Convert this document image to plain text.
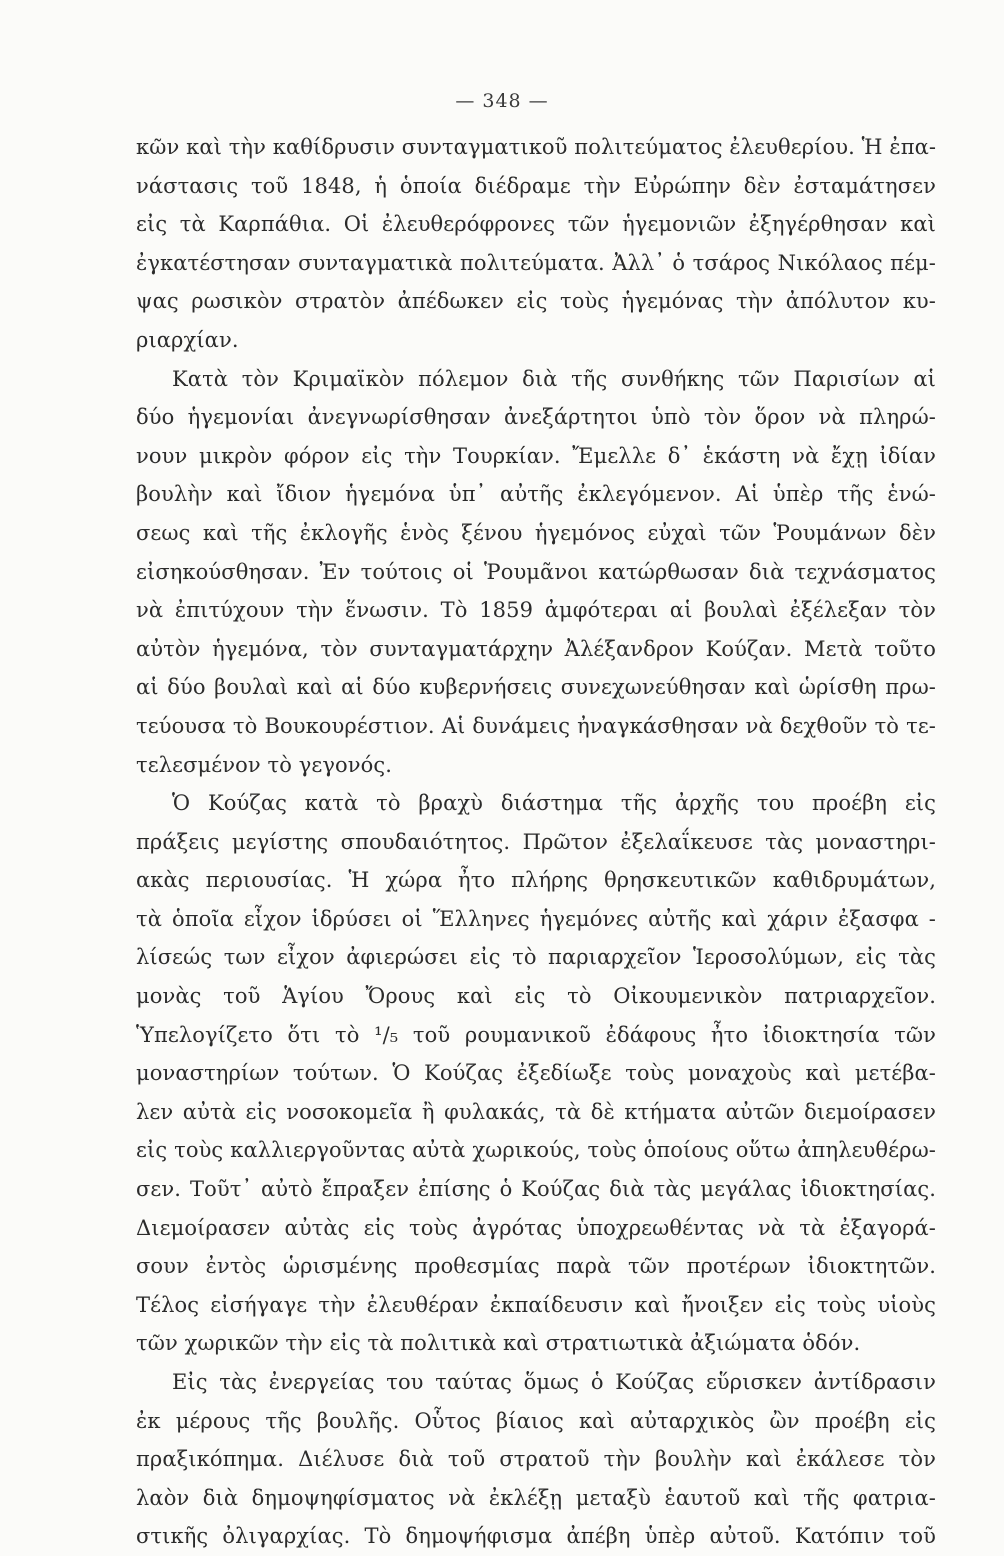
— 348 —
κῶν καὶ τὴν καθίδρυσιν συνταγματικοῦ πολιτεύματος ἐλευθερίου. Ἡ ἐπα-
νάστασις τοῦ 1848, ἡ ὁποία διέδραμε τὴν Εὐρώπην δὲν ἐσταμάτησεν
εἰς τὰ Καρπάθια. Οἱ ἐλευθερόφρονες τῶν ἡγεμονιῶν ἐξηγέρθησαν καὶ
ἐγκατέστησαν συνταγματικὰ πολιτεύματα. Ἀλλ᾽ ὁ τσάρος Νικόλαος πέμ-
ψας ρωσικὸν στρατὸν ἀπέδωκεν εἰς τοὺς ἡγεμόνας τὴν ἀπόλυτον κυ-
ριαρχίαν.
Κατὰ τὸν Κριμαϊκὸν πόλεμον διὰ τῆς συνθήκης τῶν Παρισίων αἱ
δύο ἡγεμονίαι ἀνεγνωρίσθησαν ἀνεξάρτητοι ὑπὸ τὸν ὅρον νὰ πληρώ-
νουν μικρὸν φόρον εἰς τὴν Τουρκίαν. Ἔμελλε δ᾽ ἑκάστη νὰ ἔχῃ ἰδίαν
βουλὴν καὶ ἴδιον ἡγεμόνα ὑπ᾽ αὐτῆς ἐκλεγόμενον. Αἱ ὑπὲρ τῆς ἑνώ-
σεως καὶ τῆς ἐκλογῆς ἑνὸς ξένου ἡγεμόνος εὐχαὶ τῶν Ῥουμάνων δὲν
εἰσηκούσθησαν. Ἐν τούτοις οἱ Ῥουμᾶνοι κατώρθωσαν διὰ τεχνάσματος
νὰ ἐπιτύχουν τὴν ἕνωσιν. Τὸ 1859 ἀμφότεραι αἱ βουλαὶ ἐξέλεξαν τὸν
αὐτὸν ἡγεμόνα, τὸν συνταγματάρχην Ἀλέξανδρον Κούζαν. Μετὰ τοῦτο
αἱ δύο βουλαὶ καὶ αἱ δύο κυβερνήσεις συνεχωνεύθησαν καὶ ὡρίσθη πρω-
τεύουσα τὸ Βουκουρέστιον. Αἱ δυνάμεις ἠναγκάσθησαν νὰ δεχθοῦν τὸ τε-
τελεσμένον τὸ γεγονός.
Ὁ Κούζας κατὰ τὸ βραχὺ διάστημα τῆς ἀρχῆς του προέβη εἰς
πράξεις μεγίστης σπουδαιότητος. Πρῶτον ἐξελαΐκευσε τὰς μοναστηρι-
ακὰς περιουσίας. Ἡ χώρα ἦτο πλήρης θρησκευτικῶν καθιδρυμάτων,
τὰ ὁποῖα εἶχον ἱδρύσει οἱ Ἕλληνες ἡγεμόνες αὐτῆς καὶ χάριν ἐξασφα -
λίσεώς των εἶχον ἀφιερώσει εἰς τὸ παριαρχεῖον Ἱεροσολύμων, εἰς τὰς
μονὰς τοῦ Ἁγίου Ὄρους καὶ εἰς τὸ Οἰκουμενικὸν πατριαρχεῖον.
Ὑπελογίζετο ὅτι τὸ ¹/₅ τοῦ ρουμανικοῦ ἐδάφους ἦτο ἰδιοκτησία τῶν
μοναστηρίων τούτων. Ὁ Κούζας ἐξεδίωξε τοὺς μοναχοὺς καὶ μετέβα-
λεν αὐτὰ εἰς νοσοκομεῖα ἢ φυλακάς, τὰ δὲ κτήματα αὐτῶν διεμοίρασεν
εἰς τοὺς καλλιεργοῦντας αὐτὰ χωρικούς, τοὺς ὁποίους οὕτω ἀπηλευθέρω-
σεν. Τοῦτ᾽ αὐτὸ ἔπραξεν ἐπίσης ὁ Κούζας διὰ τὰς μεγάλας ἰδιοκτησίας.
Διεμοίρασεν αὐτὰς εἰς τοὺς ἀγρότας ὑποχρεωθέντας νὰ τὰ ἐξαγορά-
σουν ἐντὸς ὡρισμένης προθεσμίας παρὰ τῶν προτέρων ἰδιοκτητῶν.
Τέλος εἰσήγαγε τὴν ἐλευθέραν ἐκπαίδευσιν καὶ ἤνοιξεν εἰς τοὺς υἱοὺς
τῶν χωρικῶν τὴν εἰς τὰ πολιτικὰ καὶ στρατιωτικὰ ἀξιώματα ὁδόν.
Εἰς τὰς ἐνεργείας του ταύτας ὅμως ὁ Κούζας εὕρισκεν ἀντίδρασιν
ἐκ μέρους τῆς βουλῆς. Οὗτος βίαιος καὶ αὐταρχικὸς ὢν προέβη εἰς
πραξικόπημα. Διέλυσε διὰ τοῦ στρατοῦ τὴν βουλὴν καὶ ἐκάλεσε τὸν
λαὸν διὰ δημοψηφίσματος νὰ ἐκλέξῃ μεταξὺ ἑαυτοῦ καὶ τῆς φατρια-
στικῆς ὀλιγαρχίας. Τὸ δημοψήφισμα ἀπέβη ὑπὲρ αὐτοῦ. Κατόπιν τοῦ
